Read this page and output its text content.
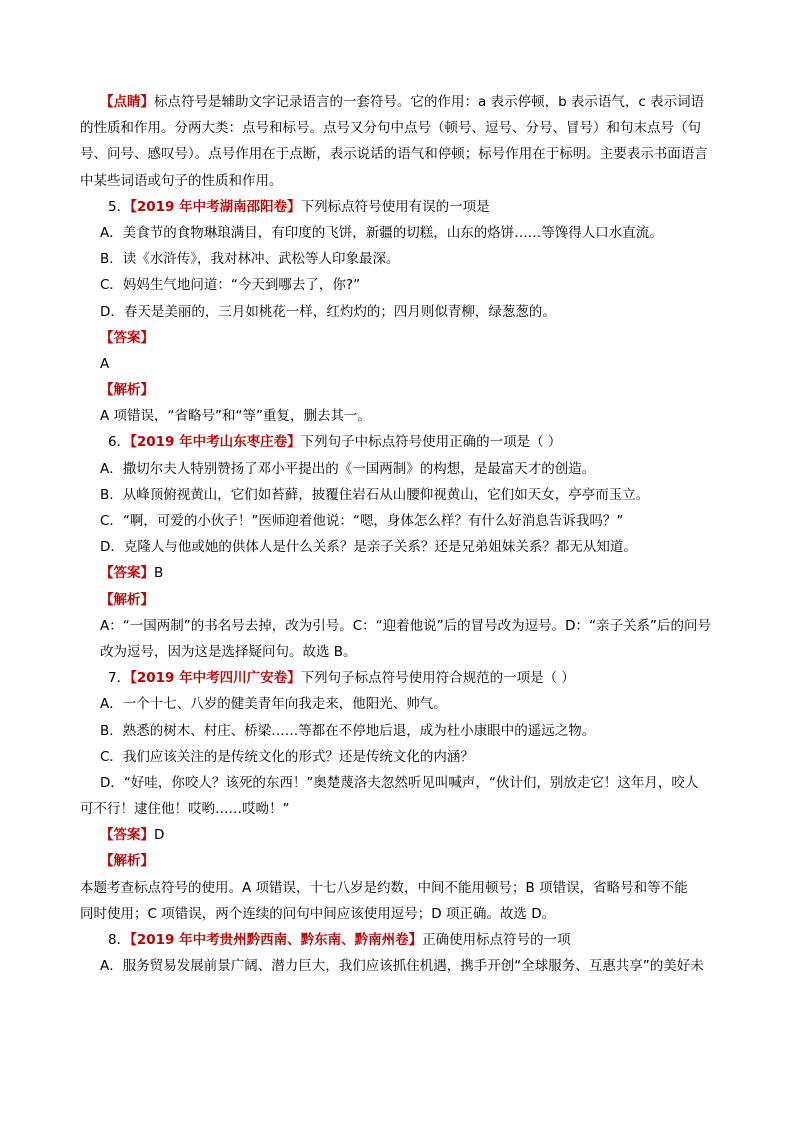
【点睛】标点符号是辅助文字记录语言的一套符号。它的作用：a 表示停顿，b 表示语气，c 表示词语
的性质和作用。分两大类：点号和标号。点号又分句中点号（顿号、逗号、分号、冒号）和句末点号（句
号、问号、感叹号）。点号作用在于点断，表示说话的语气和停顿；标号作用在于标明。主要表示书面语言
中某些词语或句子的性质和作用。
5．【2019 年中考湖南邵阳卷】下列标点符号使用有误的一项是
A．美食节的食物琳琅满目，有印度的飞饼，新疆的切糕，山东的烙饼……等馋得人口水直流。
B．读《水浒传》，我对林冲、武松等人印象最深。
C．妈妈生气地问道：“今天到哪去了，你?”
D．春天是美丽的，三月如桃花一样，红灼灼的；四月则似青柳，绿葱葱的。
【答案】
A
【解析】
A 项错误，“省略号”和“等”重复，删去其一。
6．【2019 年中考山东枣庄卷】下列句子中标点符号使用正确的一项是（ ）
A．撒切尔夫人特别赞扬了邓小平提出的《一国两制》的构想，是最富天才的创造。
B．从峰顶俯视黄山，它们如苔藓，披覆住岩石从山腰仰视黄山，它们如天女，亭亭而玉立。
C．“啊，可爱的小伙子！”医师迎着他说：“嗯，身体怎么样？有什么好消息告诉我吗？”
D．克隆人与他或她的供体人是什么关系？是亲子关系？还是兄弟姐妹关系？都无从知道。
【答案】B
【解析】
A：“一国两制”的书名号去掉，改为引号。C：“迎着他说”后的冒号改为逗号。D：“亲子关系”后的问号
改为逗号，因为这是选择疑问句。故选 B。
7．【2019 年中考四川广安卷】下列句子标点符号使用符合规范的一项是（ ）
A．一个十七、八岁的健美青年向我走来，他阳光、帅气。
B．熟悉的树木、村庄、桥梁……等都在不停地后退，成为杜小康眼中的遥远之物。
C．我们应该关注的是传统文化的形式？还是传统文化的内涵？
D．“好哇，你咬人？该死的东西！”奥楚蔑洛夫忽然听见叫喊声，“伙计们，别放走它！这年月，咬人
可不行！逮住他！哎哟……哎呦！”
【答案】D
【解析】
本题考查标点符号的使用。A 项错误，十七八岁是约数，中间不能用顿号；B 项错误，省略号和等不能
同时使用；C 项错误，两个连续的问句中间应该使用逗号；D 项正确。故选 D。
8．【2019 年中考贵州黔西南、黔东南、黔南州卷】正确使用标点符号的一项
A．服务贸易发展前景广阔、潜力巨大，我们应该抓住机遇，携手开创“全球服务、互惠共享”的美好未
